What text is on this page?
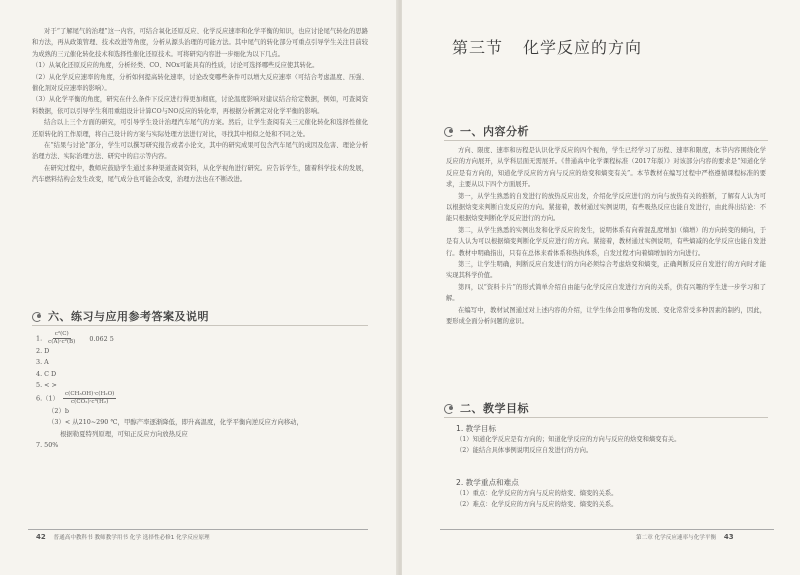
对于“了解尾气的治理”这一内容，可结合氧化还原反应、化学反应速率和化学平衡的知识，也应讨论尾气转化的思路和方法，再从政策管理、技术改进等角度，分析从源头治理的可能方法。其中尾气的转化部分可重点引导学生关注目前较为成熟的三元催化转化技术和选择性催化还原技术。可将研究内容进一步细化为以下几点。

（1）从氧化还原反应的角度，分析烃类、CO、NOx可能具有的性质，讨论可选择哪些反应使其转化。

（2）从化学反应速率的角度，分析如何提高转化速率，讨论改变哪些条件可以增大反应速率（可结合考虑温度、压强、催化剂对反应速率的影响）。

（3）从化学平衡的角度，研究在什么条件下反应进行得更加彻底，讨论温度影响对建议结合给定数据，例如，可查阅资料数据，依可以引导学生利用重组设计计算CO与NO反应的转化率，再根据分析测定对化学平衡的影响。

结合以上三个方面的研究，可引导学生设计治理汽车尾气的方案。然后，让学生查阅有关三元催化转化和选择性催化还原转化的工作原理，将自己设计的方案与实际处理方法进行对比，寻找其中相似之处和不同之处。

在“结果与讨论”部分，学生可以撰写研究报告或者小论文，其中的研究成果可包含汽车尾气的成因及危害、理论分析治理方法、实际治理方法、研究中的启示等内容。

在研究过程中，教师应鼓励学生通过多种渠道查阅资料，从化学视角进行研究。应告诉学生，随着科学技术的发展，汽车燃料结构会发生改变，尾气成分也可能会改变，治理方法也在不断改进。

六、练习与应用参考答案及说明
1. $\frac{\text{c²(C)}}{\text{c(A)·c²(B)}} 0.062$ 5
2. D
3. A
4. C D
5. < >
$6.(1) \frac{\text{c(CH₃OH)·c(H₂O)}}{\text{c(CO₂)·c³(H₂)}}$
（2）b
（3）< 从210~290 ℃，甲醇产率逐渐降低，即升高温度，化学平衡向逆反应方向移动，
根据勒夏特列原理，可知正反应方向放热反应
7. 50%
42 普通高中教科书 教师教学用书 化学 选择性必修1 化学反应原理
第三节 化学反应的方向
一、内容分析

方向、限度、速率和历程是认识化学反应的四个视角，学生已经学习了历程、速率和限度，本节内容围绕化学反应的方向展开，从学科层面无需展开。《普通高中化学课程标准（2017年版）》对该部分内容的要求是“知道化学反应是有方向的，知道化学反应的方向与反应的焓变和熵变有关”。本节教材在编写过程中严格遵循课程标准的要求，主要从以下四个方面展开。

第一，从学生熟悉的自发进行的放热反应出发，介绍化学反应进行的方向与放热有关的推断，了解有人认为可以根据焓变来判断自发反应的方向。紧接着，教材通过实例说明，有些吸热反应也能自发进行，由此得出结论：不能只根据焓变判断化学反应进行的方向。

第二，从学生熟悉的实例出发和化学反应的发生，说明体系有向着混乱度增加（熵增）的方向转变的倾向，于是有人认为可以根据熵变判断化学反应进行的方向。紧接着，教材通过实例说明，有些熵减的化学反应也能自发进行。教材中明确指出，只有在总体来看体系和热执体系，自发过程才向着熵增加的方向进行。

第三，让学生明确，判断反应自发进行的方向必须综合考虑焓变和熵变，正确判断反应自发进行的方向时才能实现其科学价值。

第四，以“资料卡片”的形式简单介绍自由能与化学反应自发进行方向的关系，供有兴趣的学生进一步学习和了解。

在编写中，教材试图通过对上述内容的介绍，让学生体会用事物的发展、变化常常受多种因素的制约，因此，要形成全面分析问题的意识。

二、教学目标
1. 教学目标
（1）知道化学反应是有方向的；知道化学反应的方向与反应的焓变和熵变有关。
（2）能结合具体事例说明反应自发进行的方向。
2. 教学重点和难点
（1）重点：化学反应的方向与反应的焓变、熵变的关系。
（2）难点：化学反应的方向与反应的焓变、熵变的关系。
第二章 化学反应速率与化学平衡 43
